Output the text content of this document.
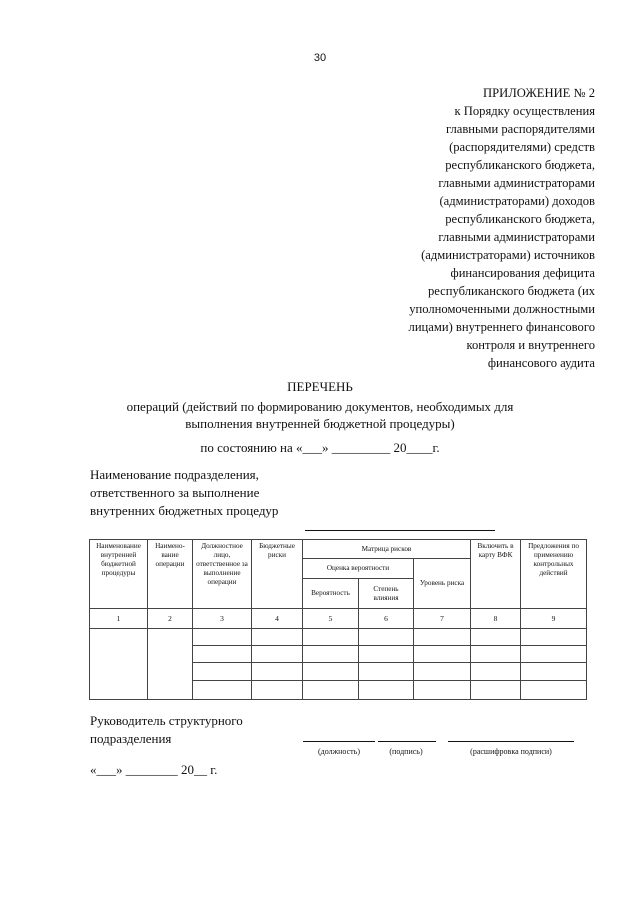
30
ПРИЛОЖЕНИЕ № 2
к Порядку осуществления
главными распорядителями
(распорядителями) средств
республиканского бюджета,
главными администраторами
(администраторами) доходов
республиканского бюджета,
главными администраторами
(администраторами) источников
финансирования дефицита
республиканского бюджета (их
уполномоченными должностными
лицами) внутреннего финансового
контроля и внутреннего
финансового аудита
ПЕРЕЧЕНЬ
операций (действий по формированию документов, необходимых для выполнения внутренней бюджетной процедуры)
по состоянию на «___» _________ 20____г.
Наименование подразделения, ответственного за выполнение внутренних бюджетных процедур
Наименование внутренней бюджетной процедуры	Наимено-вание операции	Должностное лицо, ответственное за выполнение операции	Бюджетные риски	Матрица рисков			Включить в карту ВФК	Предложения по применению контрольных действий
				Оценка вероятности		Уровень риска		
				Вероятность	Степень влияния			
1	2	3	4	5	6	7	8	9

Руководитель структурного подразделения
(должность)	(подпись)	(расшифровка подписи)
«___» ________ 20__ г.
